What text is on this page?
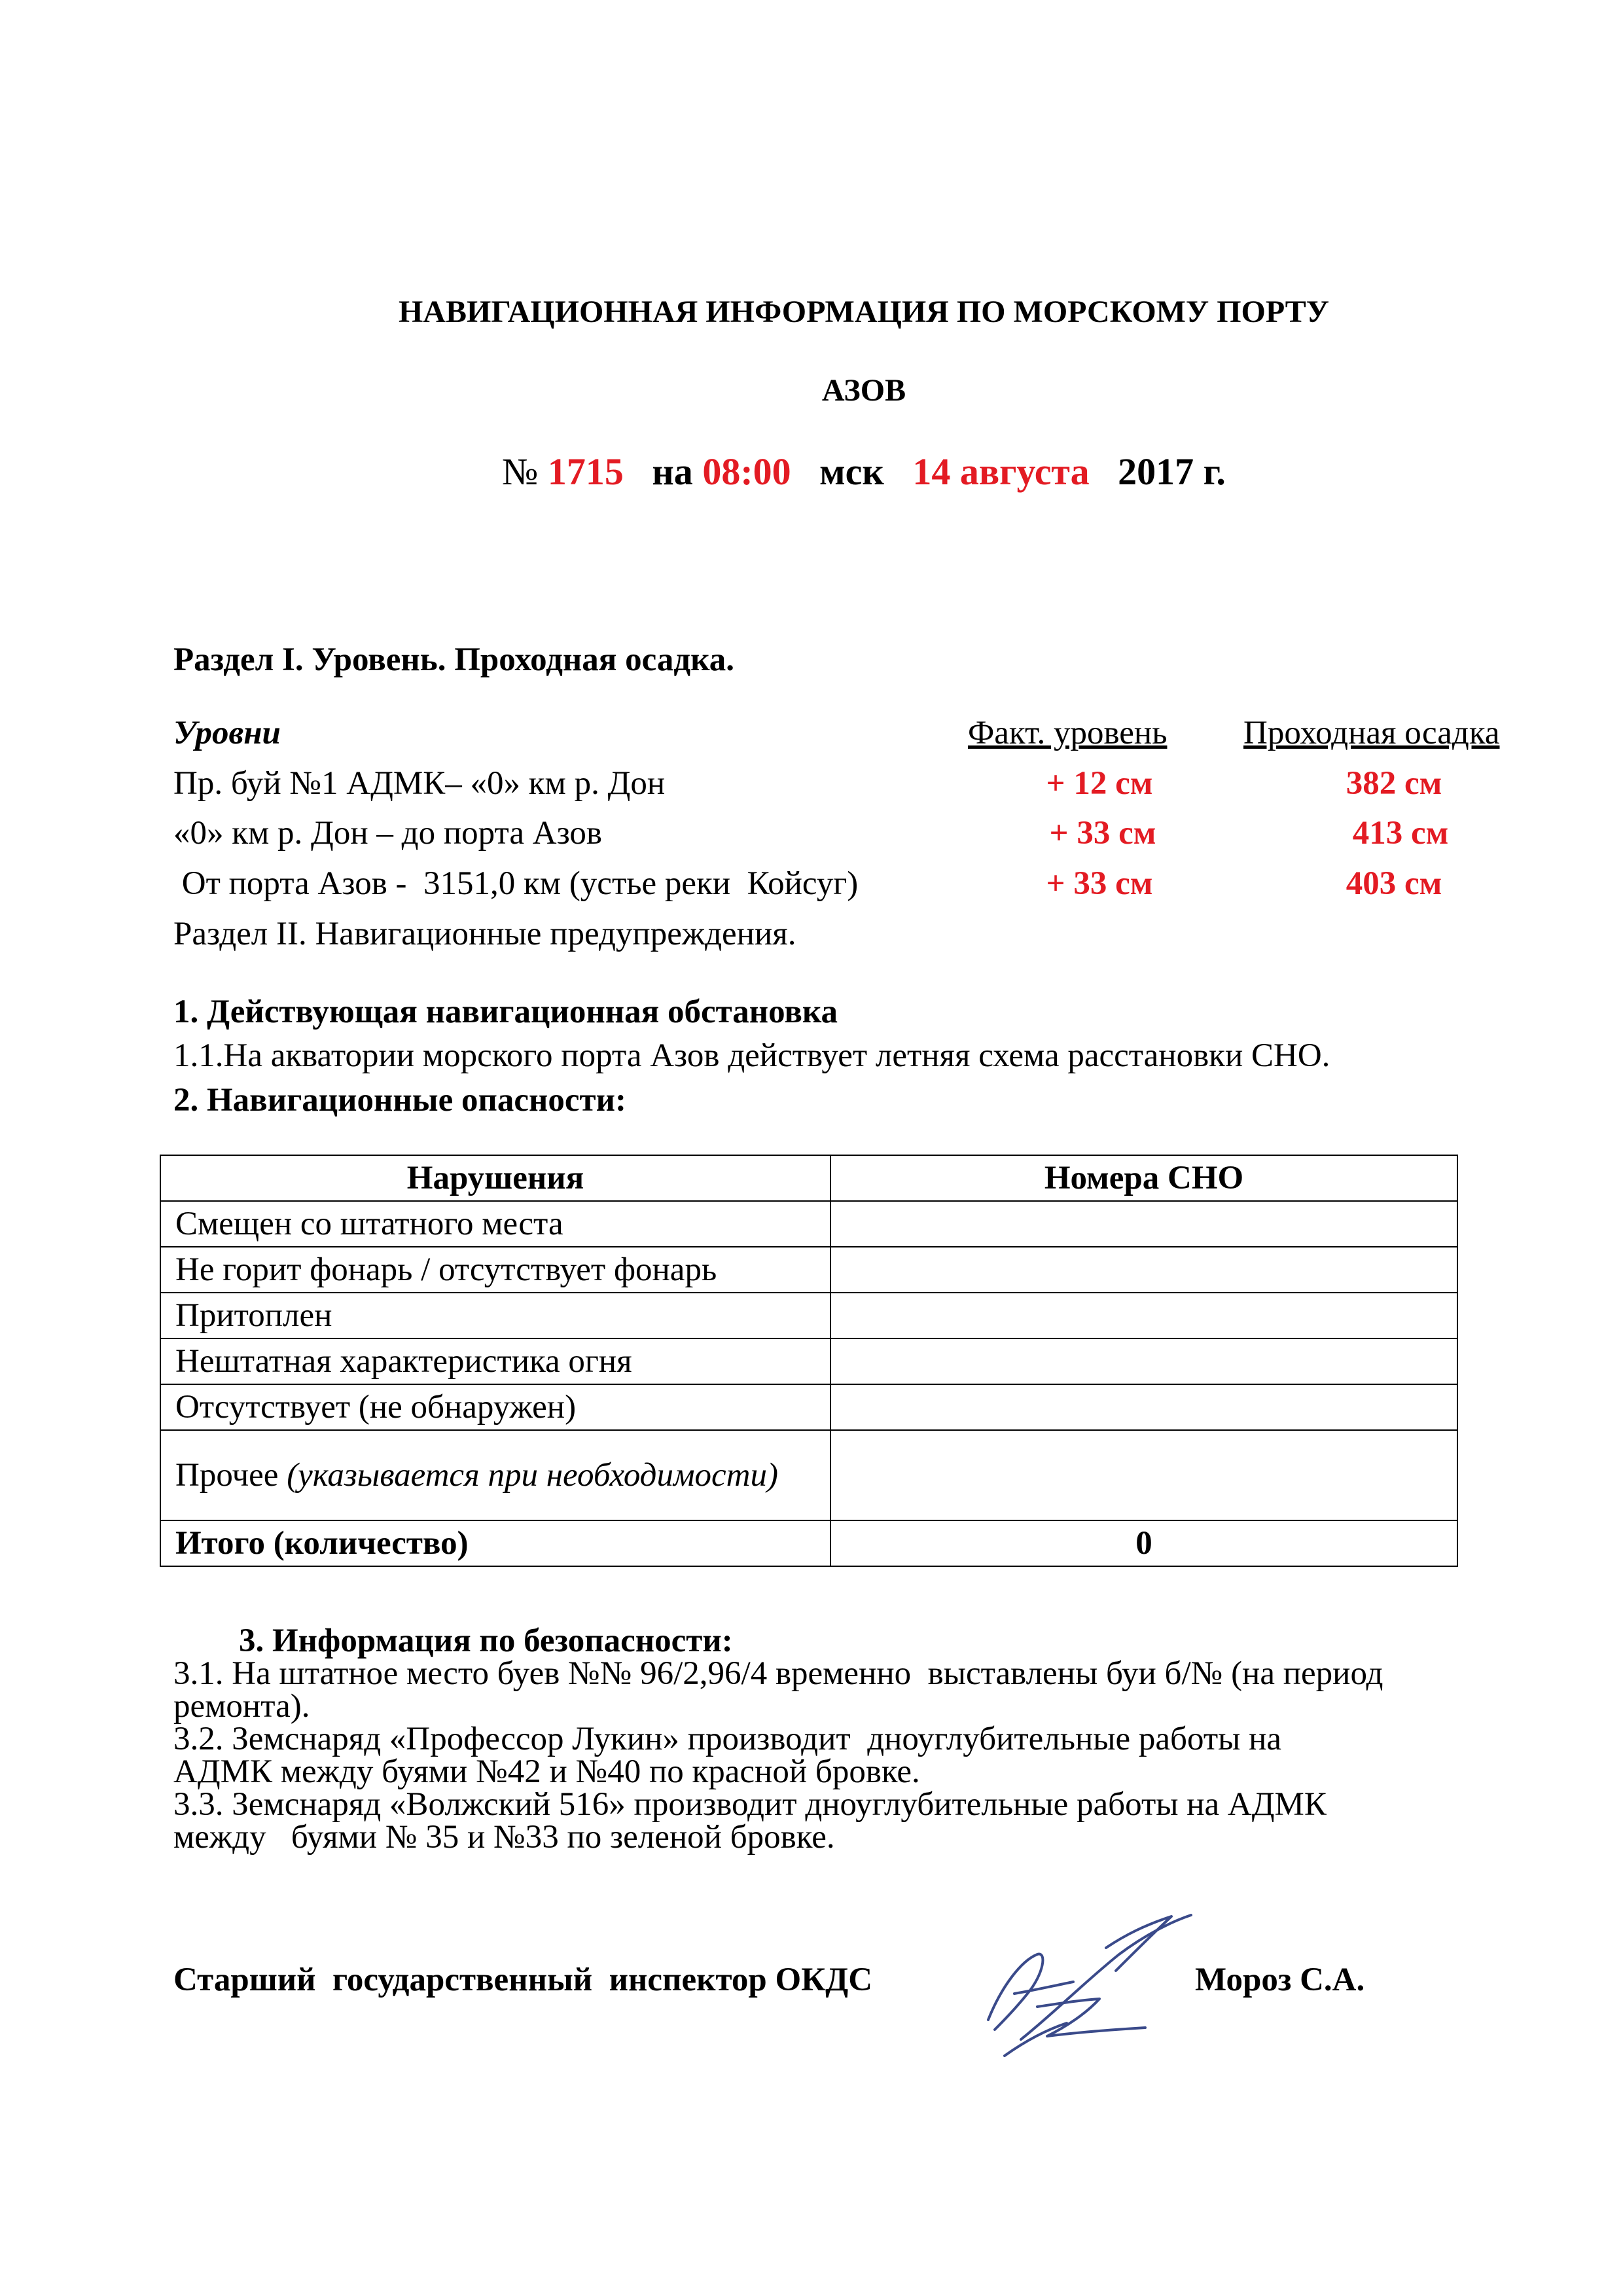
НАВИГАЦИОННАЯ ИНФОРМАЦИЯ ПО МОРСКОМУ ПОРТУ
АЗОВ
№ 1715 на 08:00 мск 14 августа 2017 г.
Раздел I. Уровень. Проходная осадка.
Уровни	Факт. уровень Проходная осадка
Пр. буй №1 АДМК– «0» км р. Дон	+ 12 см	382 см
«0» км р. Дон – до порта Азов	+ 33 см	413 см
От порта Азов -  3151,0 км (устье реки  Койсуг)	+ 33 см	403 см
Раздел II. Навигационные предупреждения.
1. Действующая навигационная обстановка
1.1.На акватории морского порта Азов действует летняя схема расстановки СНО.
2. Навигационные опасности:
Нарушения	Номера СНО
Смещен со штатного места	
Не горит фонарь / отсутствует фонарь	
Притоплен	
Нештатная характеристика огня	
Отсутствует (не обнаружен)	
Прочее (указывается при необходимости)	
Итого (количество)	0
3. Информация по безопасности:
3.1. На штатное место буев №№ 96/2,96/4 временно  выставлены буи б/№ (на период
ремонта).
3.2. Земснаряд «Профессор Лукин» производит  дноуглубительные работы на
АДМК между буями №42 и №40 по красной бровке.
3.3. Земснаряд «Волжский 516» производит дноуглубительные работы на АДМК
между   буями № 35 и №33 по зеленой бровке.
Старший  государственный  инспектор ОКДС	Мороз С.А.
